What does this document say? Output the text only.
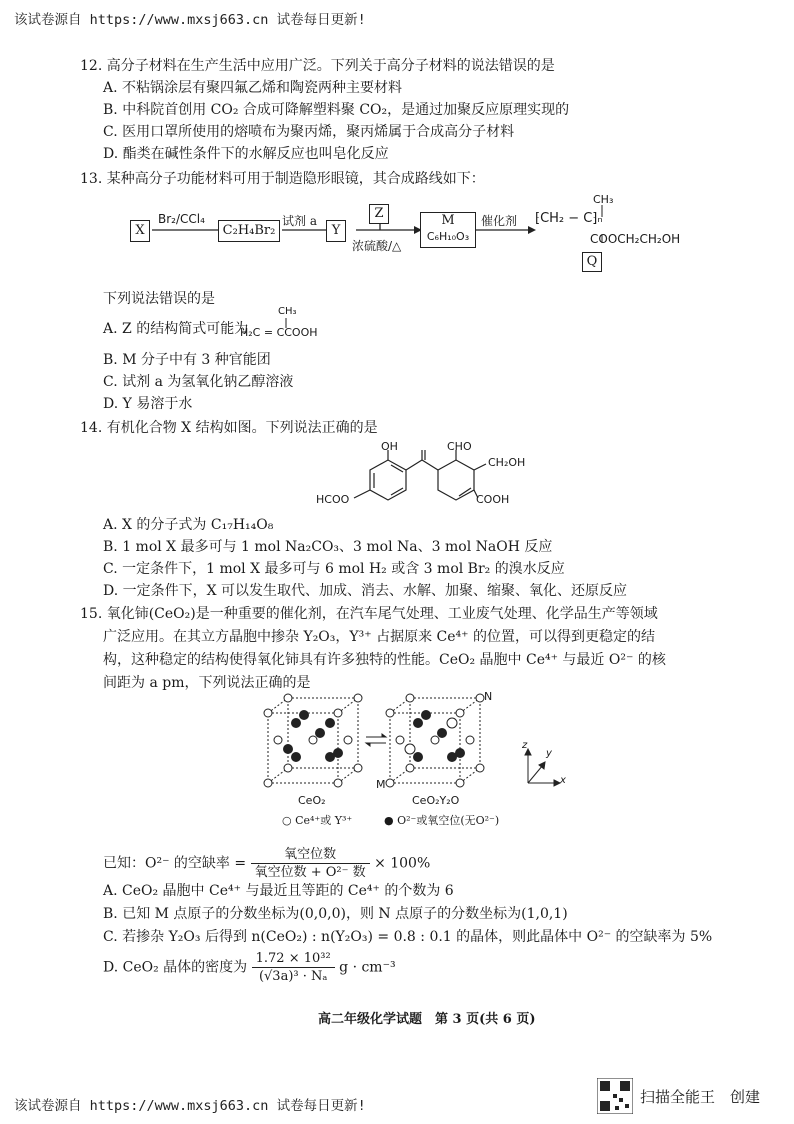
该试卷源自 https://www.mxsj663.cn 试卷每日更新!
12. 高分子材料在生产生活中应用广泛。下列关于高分子材料的说法错误的是
A. 不粘锅涂层有聚四氟乙烯和陶瓷两种主要材料
B. 中科院首创用 CO₂ 合成可降解塑料聚 CO₂，是通过加聚反应原理实现的
C. 医用口罩所使用的熔喷布为聚丙烯，聚丙烯属于合成高分子材料
D. 酯类在碱性条件下的水解反应也叫皂化反应
13. 某种高分子功能材料可用于制造隐形眼镜，其合成路线如下：
X
Br₂/CCl₄
C₂H₄Br₂
试剂 a
Y
Z
浓硫酸/△
M
C₆H₁₀O₃
催化剂
CH₃
⁅CH₂ − C⁆ₙ
COOCH₂CH₂OH
Q
下列说法错误的是
A. Z 的结构简式可能为
CH₃
H₂C = CCOOH
B. M 分子中有 3 种官能团
C. 试剂 a 为氢氧化钠乙醇溶液
D. Y 易溶于水
14. 有机化合物 X 结构如图。下列说法正确的是
OH	CHO
CH₂OH
HCOO	COOH
A. X 的分子式为 C₁₇H₁₄O₈
B. 1 mol X 最多可与 1 mol Na₂CO₃、3 mol Na、3 mol NaOH 反应
C. 一定条件下，1 mol X 最多可与 6 mol H₂ 或含 3 mol Br₂ 的溴水反应
D. 一定条件下，X 可以发生取代、加成、消去、水解、加聚、缩聚、氧化、还原反应
15. 氧化铈(CeO₂)是一种重要的催化剂，在汽车尾气处理、工业废气处理、化学品生产等领域
广泛应用。在其立方晶胞中掺杂 Y₂O₃，Y³⁺ 占据原来 Ce⁴⁺ 的位置，可以得到更稳定的结
构，这种稳定的结构使得氧化铈具有许多独特的性能。CeO₂ 晶胞中 Ce⁴⁺ 与最近 O²⁻ 的核
间距为 a pm，下列说法正确的是
N
M
z
y
x
CeO₂	CeO₂Y₂O
○ Ce⁴⁺或 Y³⁺	● O²⁻或氧空位(无O²⁻)
已知：O²⁻ 的空缺率 = $\frac{\text{氧空位数}}{\text{氧空位数 + O²⁻ 数}} \times 100\%$
A. CeO₂ 晶胞中 Ce⁴⁺ 与最近且等距的 Ce⁴⁺ 的个数为 6
B. 已知 M 点原子的分数坐标为(0,0,0)，则 N 点原子的分数坐标为(1,0,1)
C. 若掺杂 Y₂O₃ 后得到 n(CeO₂) : n(Y₂O₃) = 0.8 : 0.1 的晶体，则此晶体中 O²⁻ 的空缺率为 5%
D. CeO₂ 晶体的密度为 $\frac{\text{1.72 × 10³²}}{\text{(√3a)³ · Nₐ}}$ g · cm⁻³
高二年级化学试题　第 3 页(共 6 页)
该试卷源自 https://www.mxsj663.cn 试卷每日更新!	扫描全能王　创建
